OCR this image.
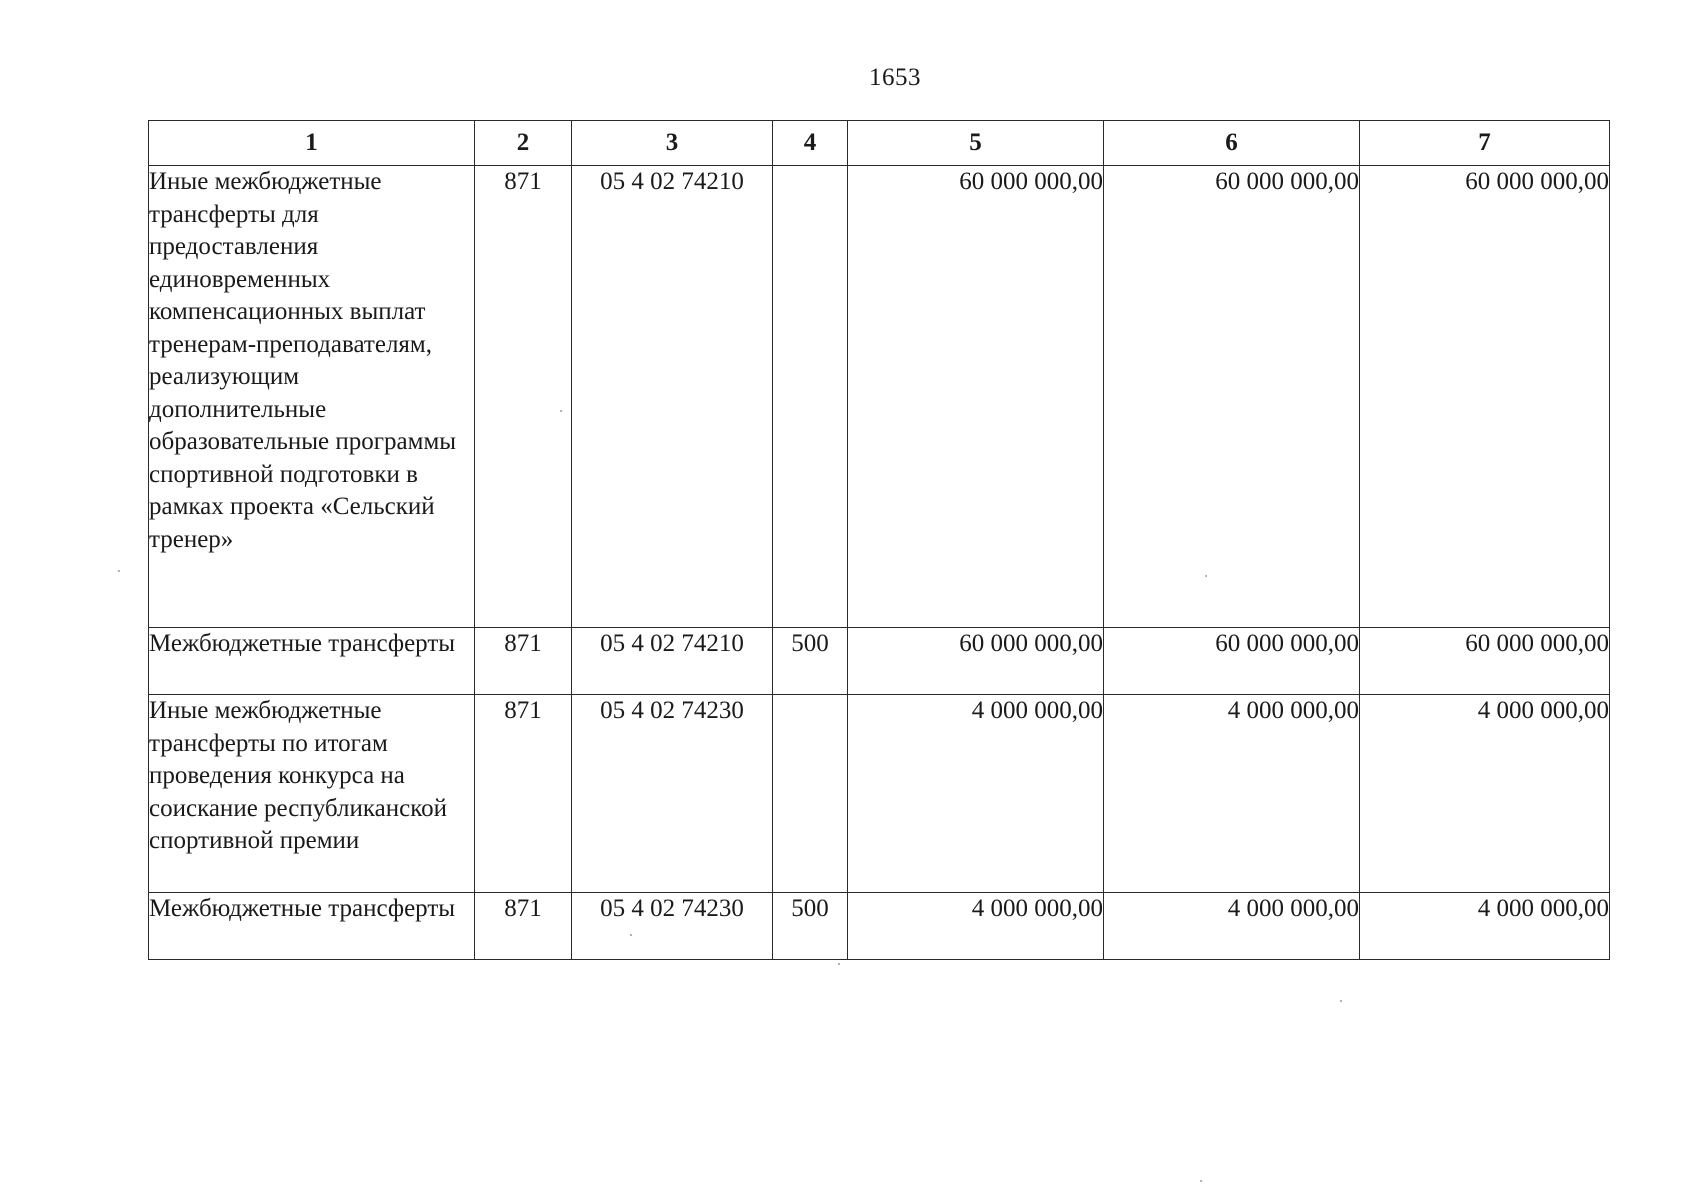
1653
1	2	3	4	5	6	7
Иные межбюджетные трансферты для предоставления единовременных компенсационных выплат тренерам-преподавателям, реализующим дополнительные образовательные программы спортивной подготовки в рамках проекта «Сельский тренер»	871	05 4 02 74210		60 000 000,00	60 000 000,00	60 000 000,00
Межбюджетные трансферты	871	05 4 02 74210	500	60 000 000,00	60 000 000,00	60 000 000,00
Иные межбюджетные трансферты по итогам проведения конкурса на соискание республиканской спортивной премии	871	05 4 02 74230		4 000 000,00	4 000 000,00	4 000 000,00
Межбюджетные трансферты	871	05 4 02 74230	500	4 000 000,00	4 000 000,00	4 000 000,00
